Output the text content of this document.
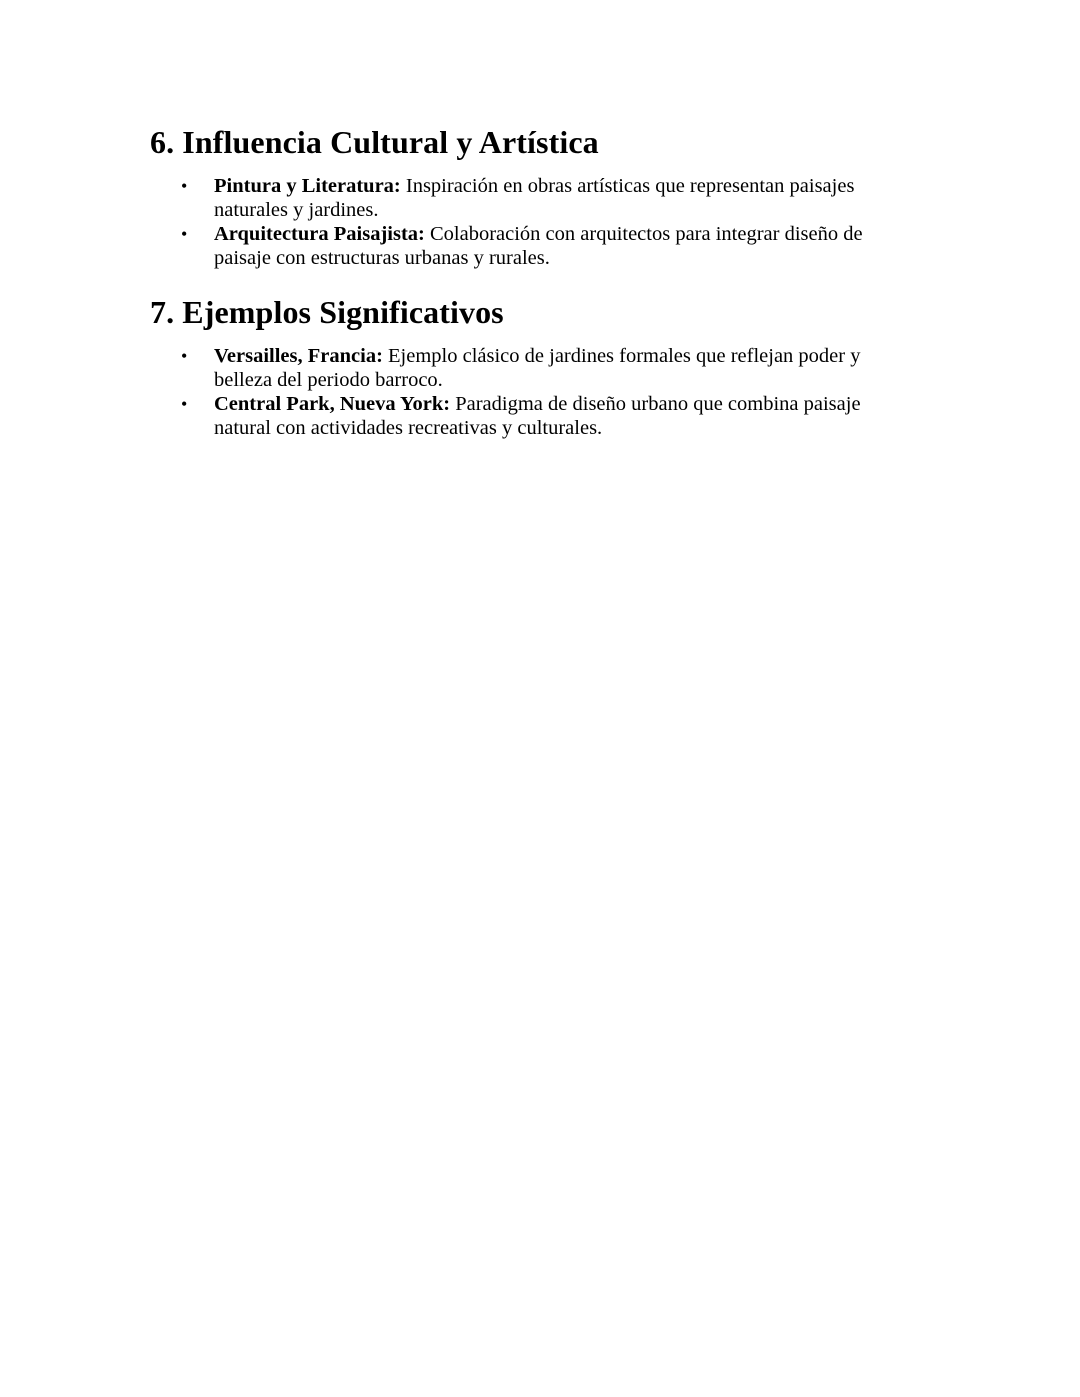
6. Influencia Cultural y Artística
• Pintura y Literatura: Inspiración en obras artísticas que representan paisajes naturales y jardines.
• Arquitectura Paisajista: Colaboración con arquitectos para integrar diseño de paisaje con estructuras urbanas y rurales.
7. Ejemplos Significativos
• Versailles, Francia: Ejemplo clásico de jardines formales que reflejan poder y belleza del periodo barroco.
• Central Park, Nueva York: Paradigma de diseño urbano que combina paisaje natural con actividades recreativas y culturales.
